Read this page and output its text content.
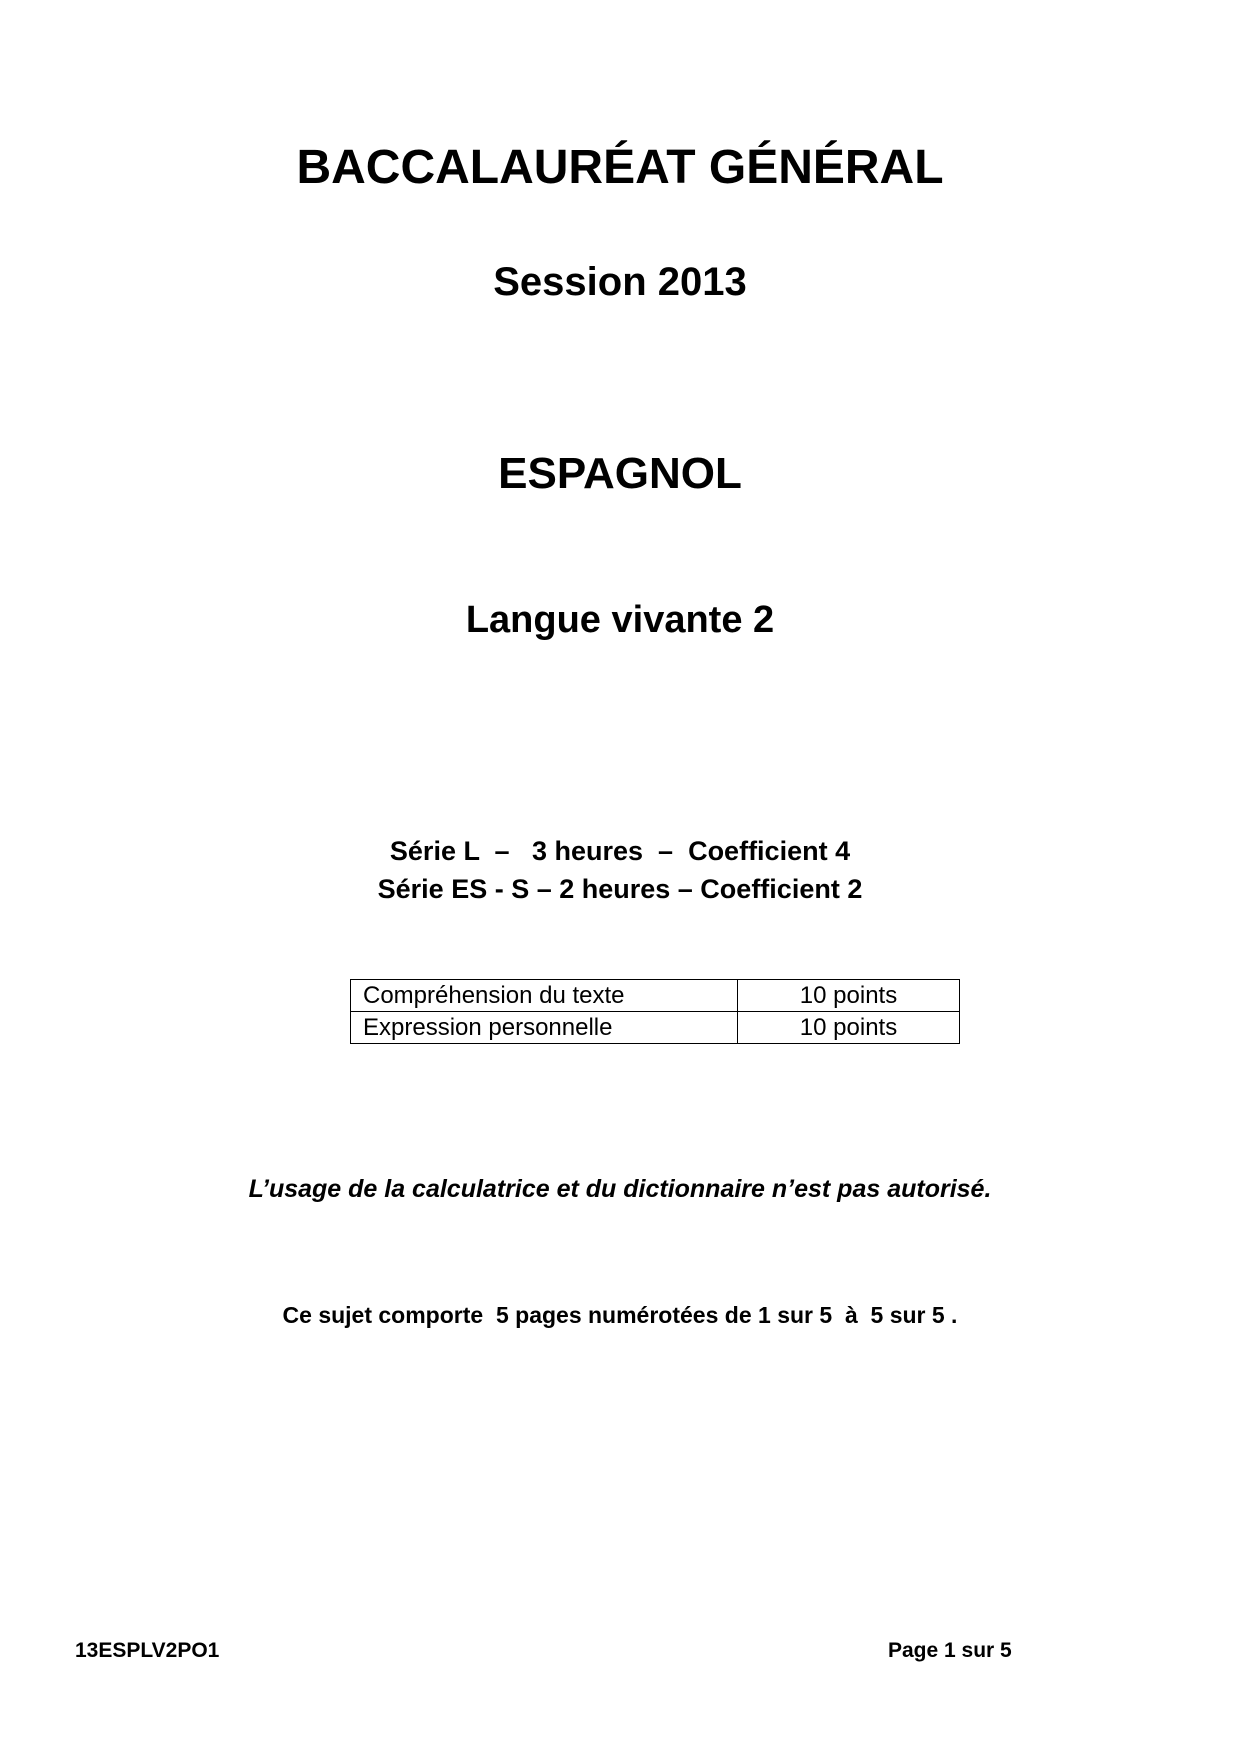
BACCALAURÉAT GÉNÉRAL
Session 2013
ESPAGNOL
Langue vivante 2
Série L  –   3 heures  –  Coefficient 4
Série ES - S – 2 heures – Coefficient 2
Compréhension du texte	10 points
Expression personnelle	10 points
L’usage de la calculatrice et du dictionnaire n’est pas autorisé.
Ce sujet comporte  5 pages numérotées de 1 sur 5  à  5 sur 5 .
13ESPLV2PO1	Page 1 sur 5
